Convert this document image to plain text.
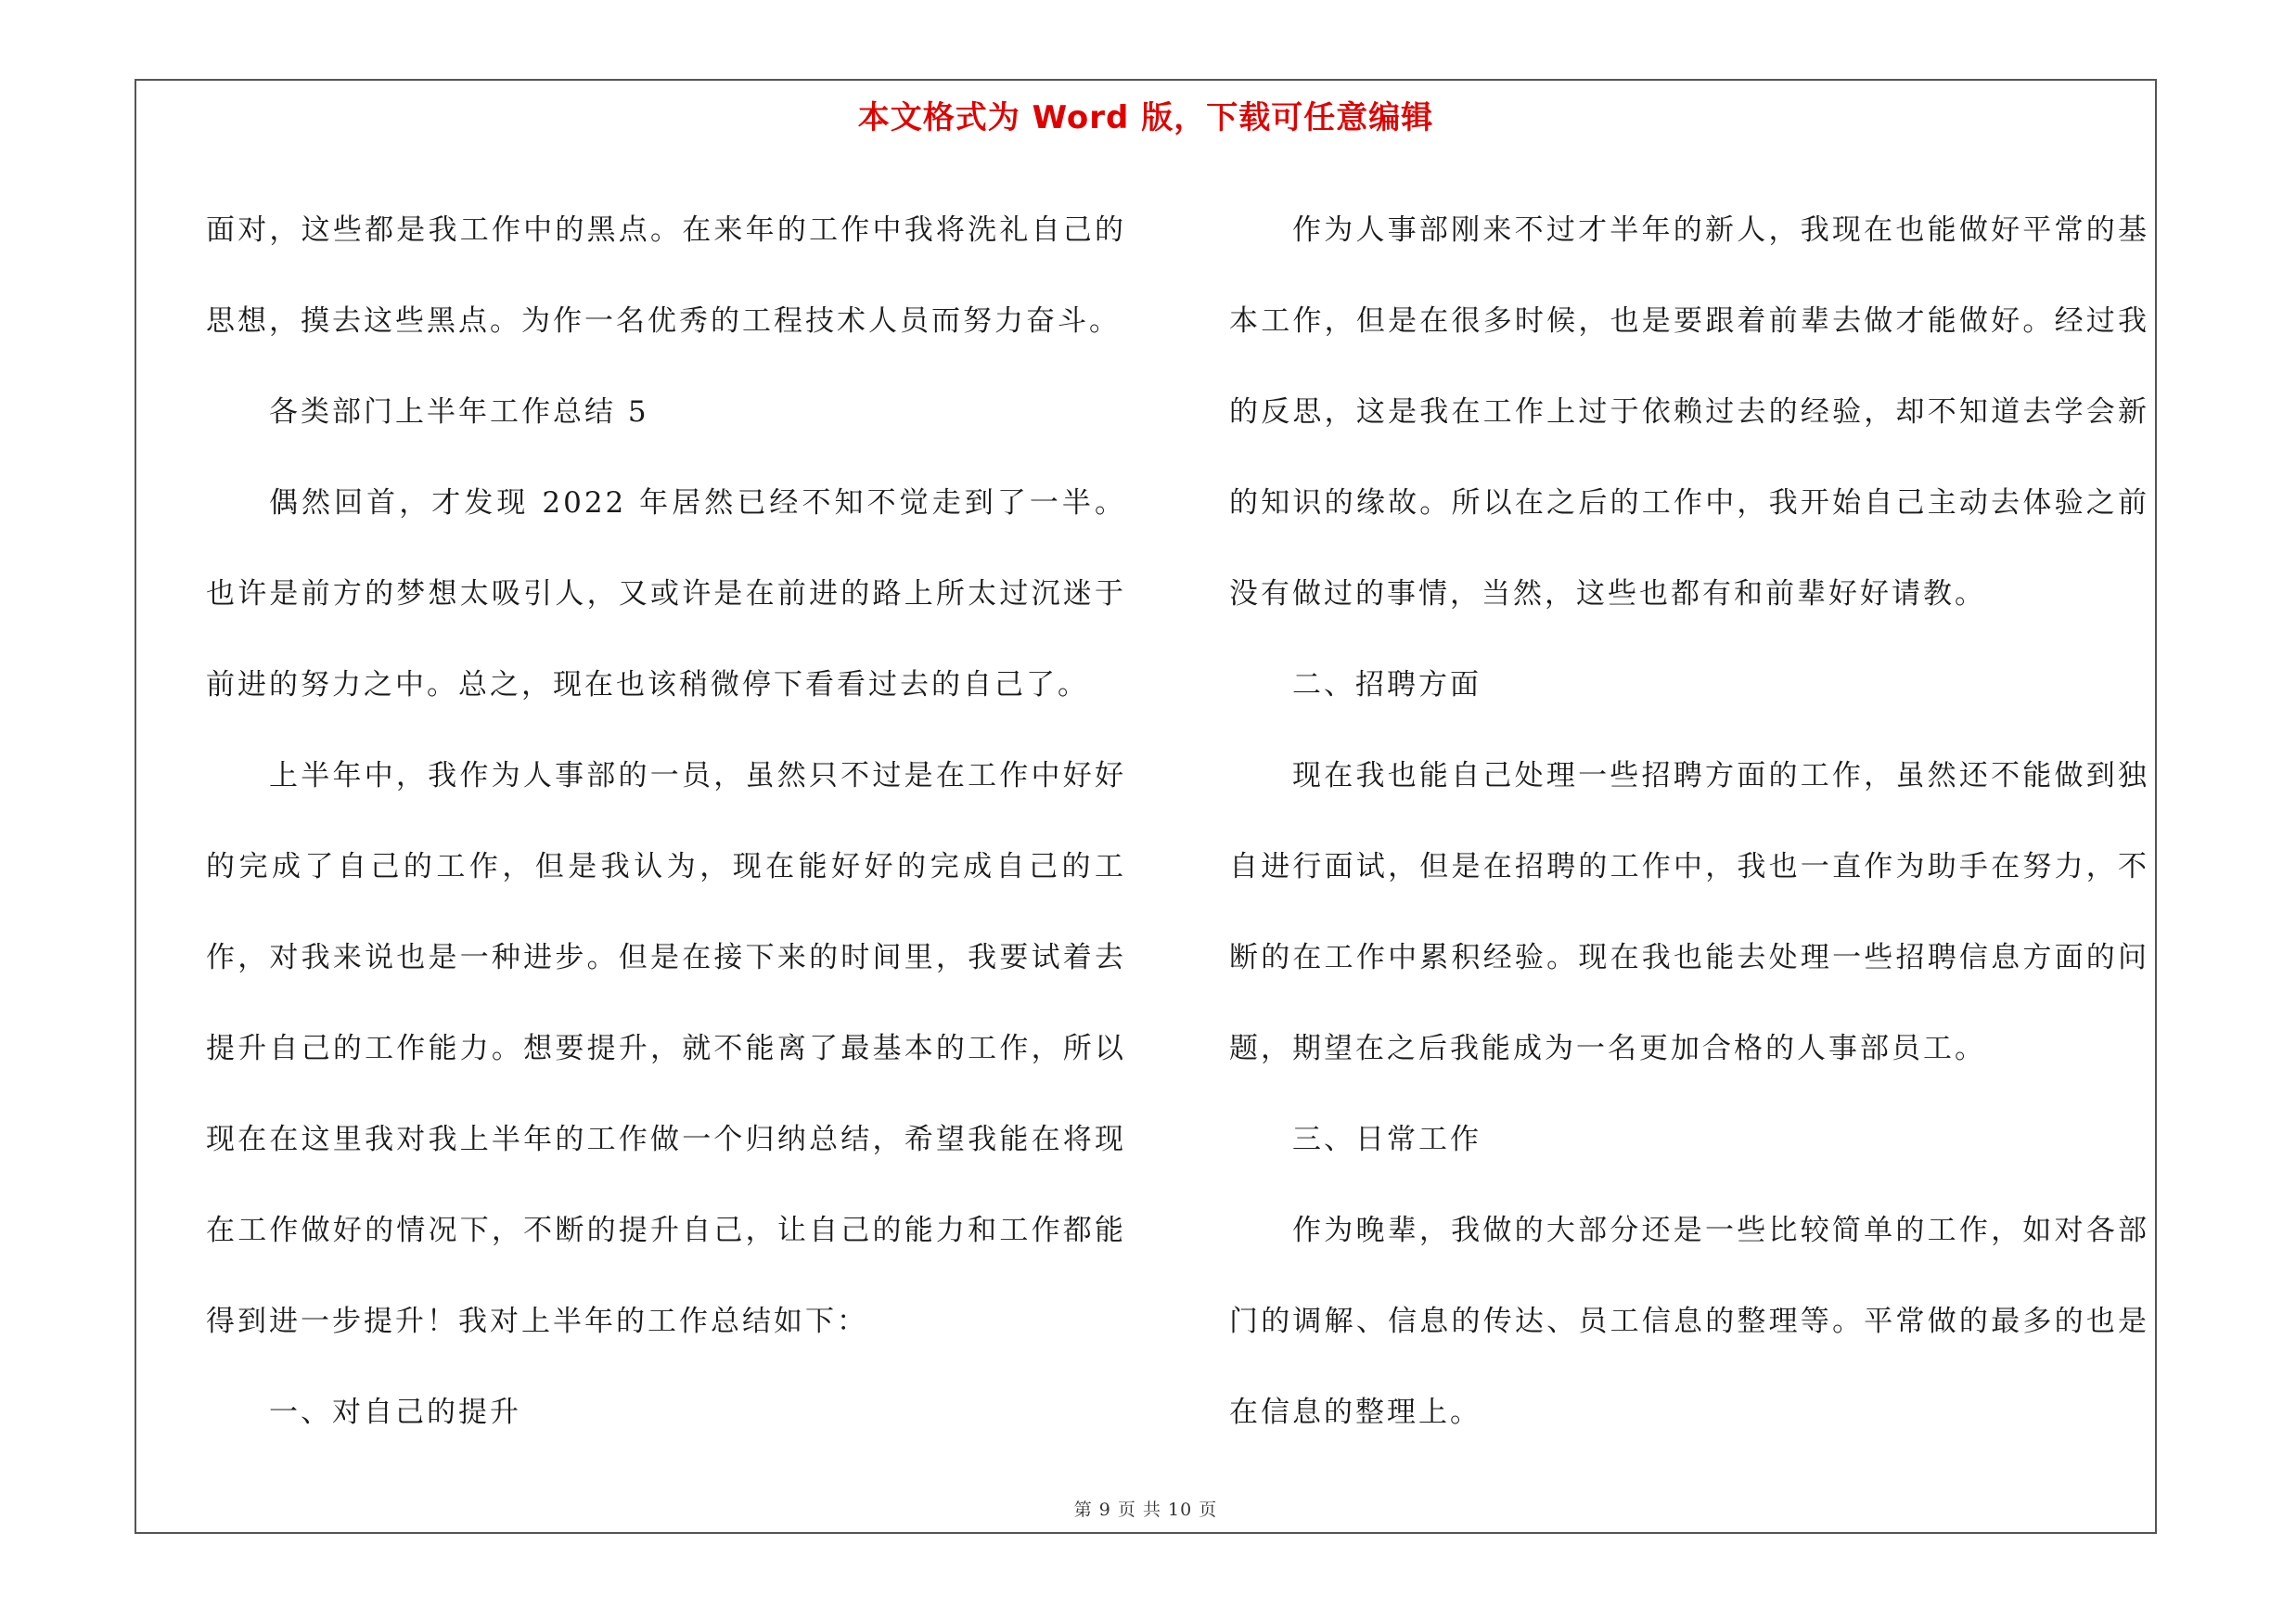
本文格式为 Word 版，下载可任意编辑

面对，这些都是我工作中的黑点。在来年的工作中我将洗礼自己的思想，摸去这些黑点。为作一名优秀的工程技术人员而努力奋斗。

各类部门上半年工作总结 5

偶然回首，才发现 2022 年居然已经不知不觉走到了一半。也许是前方的梦想太吸引人，又或许是在前进的路上所太过沉迷于前进的努力之中。总之，现在也该稍微停下看看过去的自己了。

上半年中，我作为人事部的一员，虽然只不过是在工作中好好的完成了自己的工作，但是我认为，现在能好好的完成自己的工作，对我来说也是一种进步。但是在接下来的时间里，我要试着去提升自己的工作能力。想要提升，就不能离了最基本的工作，所以现在在这里我对我上半年的工作做一个归纳总结，希望我能在将现在工作做好的情况下，不断的提升自己，让自己的能力和工作都能得到进一步提升！我对上半年的工作总结如下：

一、对自己的提升

作为人事部刚来不过才半年的新人，我现在也能做好平常的基本工作，但是在很多时候，也是要跟着前辈去做才能做好。经过我的反思，这是我在工作上过于依赖过去的经验，却不知道去学会新的知识的缘故。所以在之后的工作中，我开始自己主动去体验之前没有做过的事情，当然，这些也都有和前辈好好请教。

二、招聘方面

现在我也能自己处理一些招聘方面的工作，虽然还不能做到独自进行面试，但是在招聘的工作中，我也一直作为助手在努力，不断的在工作中累积经验。现在我也能去处理一些招聘信息方面的问题，期望在之后我能成为一名更加合格的人事部员工。

三、日常工作

作为晚辈，我做的大部分还是一些比较简单的工作，如对各部门的调解、信息的传达、员工信息的整理等。平常做的最多的也是在信息的整理上。

第 9 页 共 10 页
